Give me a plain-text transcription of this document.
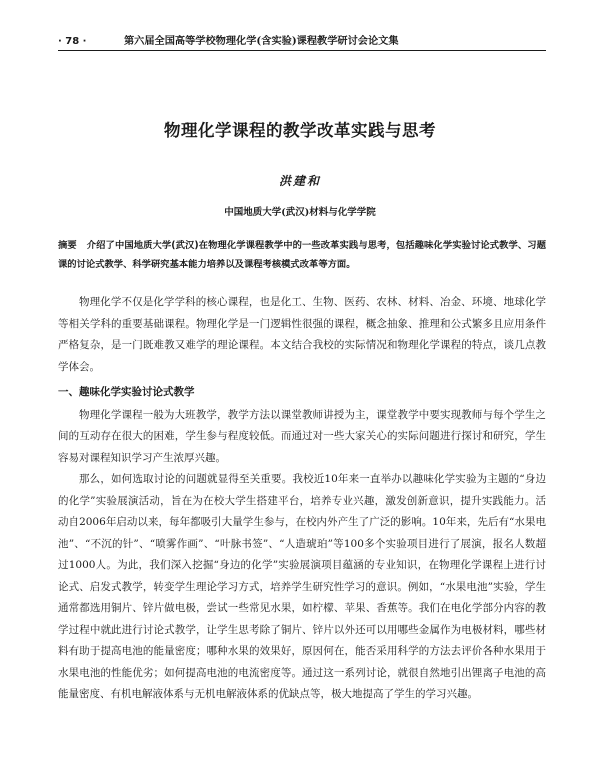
· 78 ·	第六届全国高等学校物理化学(含实验)课程教学研讨会论文集
物理化学课程的教学改革实践与思考
洪建和
中国地质大学(武汉)材料与化学学院
摘要 介绍了中国地质大学(武汉)在物理化学课程教学中的一些改革实践与思考，包括趣味化学实验讨论式教学、习题课的讨论式教学、科学研究基本能力培养以及课程考核模式改革等方面。

物理化学不仅是化学学科的核心课程，也是化工、生物、医药、农林、材料、冶金、环境、地球化学等相关学科的重要基础课程。物理化学是一门逻辑性很强的课程，概念抽象、推理和公式繁多且应用条件严格复杂，是一门既难教又难学的理论课程。本文结合我校的实际情况和物理化学课程的特点，谈几点教学体会。

一、趣味化学实验讨论式教学

物理化学课程一般为大班教学，教学方法以课堂教师讲授为主，课堂教学中要实现教师与每个学生之间的互动存在很大的困难，学生参与程度较低。而通过对一些大家关心的实际问题进行探讨和研究，学生容易对课程知识学习产生浓厚兴趣。

那么，如何选取讨论的问题就显得至关重要。我校近10年来一直举办以趣味化学实验为主题的“身边的化学”实验展演活动，旨在为在校大学生搭建平台，培养专业兴趣，激发创新意识，提升实践能力。活动自2006年启动以来，每年都吸引大量学生参与，在校内外产生了广泛的影响。10年来，先后有“水果电池”、“不沉的针”、“喷雾作画”、“叶脉书签”、“人造琥珀”等100多个实验项目进行了展演，报名人数超过1000人。为此，我们深入挖掘“身边的化学”实验展演项目蕴涵的专业知识，在物理化学课程上进行讨论式、启发式教学，转变学生理论学习方式，培养学生研究性学习的意识。例如，“水果电池”实验，学生通常都选用铜片、锌片做电极，尝试一些常见水果，如柠檬、苹果、香蕉等。我们在电化学部分内容的教学过程中就此进行讨论式教学，让学生思考除了铜片、锌片以外还可以用哪些金属作为电极材料，哪些材料有助于提高电池的能量密度；哪种水果的效果好，原因何在，能否采用科学的方法去评价各种水果用于水果电池的性能优劣；如何提高电池的电流密度等。通过这一系列讨论，就很自然地引出锂离子电池的高能量密度、有机电解液体系与无机电解液体系的优缺点等，极大地提高了学生的学习兴趣。
